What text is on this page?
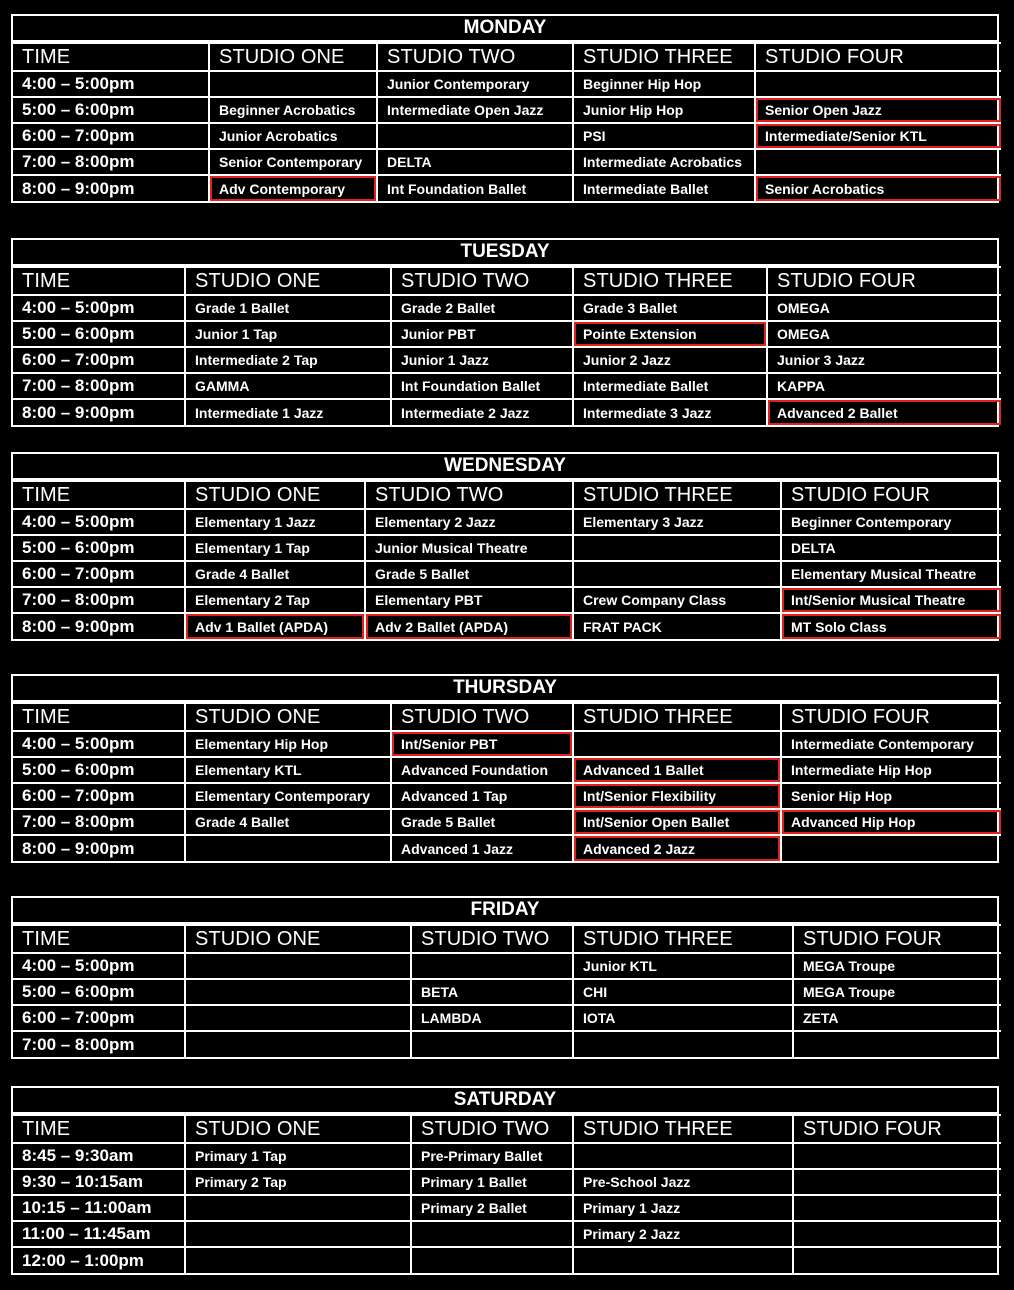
MONDAY
TIME	STUDIO ONE	STUDIO TWO	STUDIO THREE	STUDIO FOUR
4:00 – 5:00pm		Junior Contemporary	Beginner Hip Hop	
5:00 – 6:00pm	Beginner Acrobatics	Intermediate Open Jazz	Junior Hip Hop	Senior Open Jazz
6:00 – 7:00pm	Junior Acrobatics		PSI	Intermediate/Senior KTL
7:00 – 8:00pm	Senior Contemporary	DELTA	Intermediate Acrobatics	
8:00 – 9:00pm	Adv Contemporary	Int Foundation Ballet	Intermediate Ballet	Senior Acrobatics
TUESDAY
TIME	STUDIO ONE	STUDIO TWO	STUDIO THREE	STUDIO FOUR
4:00 – 5:00pm	Grade 1 Ballet	Grade 2 Ballet	Grade 3 Ballet	OMEGA
5:00 – 6:00pm	Junior 1 Tap	Junior PBT	Pointe Extension	OMEGA
6:00 – 7:00pm	Intermediate 2 Tap	Junior 1 Jazz	Junior 2 Jazz	Junior 3 Jazz
7:00 – 8:00pm	GAMMA	Int Foundation Ballet	Intermediate Ballet	KAPPA
8:00 – 9:00pm	Intermediate 1 Jazz	Intermediate 2 Jazz	Intermediate 3 Jazz	Advanced 2 Ballet
WEDNESDAY
TIME	STUDIO ONE	STUDIO TWO	STUDIO THREE	STUDIO FOUR
4:00 – 5:00pm	Elementary 1 Jazz	Elementary 2 Jazz	Elementary 3 Jazz	Beginner Contemporary
5:00 – 6:00pm	Elementary 1 Tap	Junior Musical Theatre		DELTA
6:00 – 7:00pm	Grade 4 Ballet	Grade 5 Ballet		Elementary Musical Theatre
7:00 – 8:00pm	Elementary 2 Tap	Elementary PBT	Crew Company Class	Int/Senior Musical Theatre
8:00 – 9:00pm	Adv 1 Ballet (APDA)	Adv 2 Ballet (APDA)	FRAT PACK	MT Solo Class
THURSDAY
TIME	STUDIO ONE	STUDIO TWO	STUDIO THREE	STUDIO FOUR
4:00 – 5:00pm	Elementary Hip Hop	Int/Senior PBT		Intermediate Contemporary
5:00 – 6:00pm	Elementary KTL	Advanced Foundation	Advanced 1 Ballet	Intermediate Hip Hop
6:00 – 7:00pm	Elementary Contemporary	Advanced 1 Tap	Int/Senior Flexibility	Senior Hip Hop
7:00 – 8:00pm	Grade 4 Ballet	Grade 5 Ballet	Int/Senior Open Ballet	Advanced Hip Hop
8:00 – 9:00pm		Advanced 1 Jazz	Advanced 2 Jazz	
FRIDAY
TIME	STUDIO ONE	STUDIO TWO	STUDIO THREE	STUDIO FOUR
4:00 – 5:00pm			Junior KTL	MEGA Troupe
5:00 – 6:00pm		BETA	CHI	MEGA Troupe
6:00 – 7:00pm		LAMBDA	IOTA	ZETA
7:00 – 8:00pm				
SATURDAY
TIME	STUDIO ONE	STUDIO TWO	STUDIO THREE	STUDIO FOUR
8:45 – 9:30am	Primary 1 Tap	Pre-Primary Ballet		
9:30 – 10:15am	Primary 2 Tap	Primary 1 Ballet	Pre-School Jazz	
10:15 – 11:00am		Primary 2 Ballet	Primary 1 Jazz	
11:00 – 11:45am			Primary 2 Jazz	
12:00 – 1:00pm				
